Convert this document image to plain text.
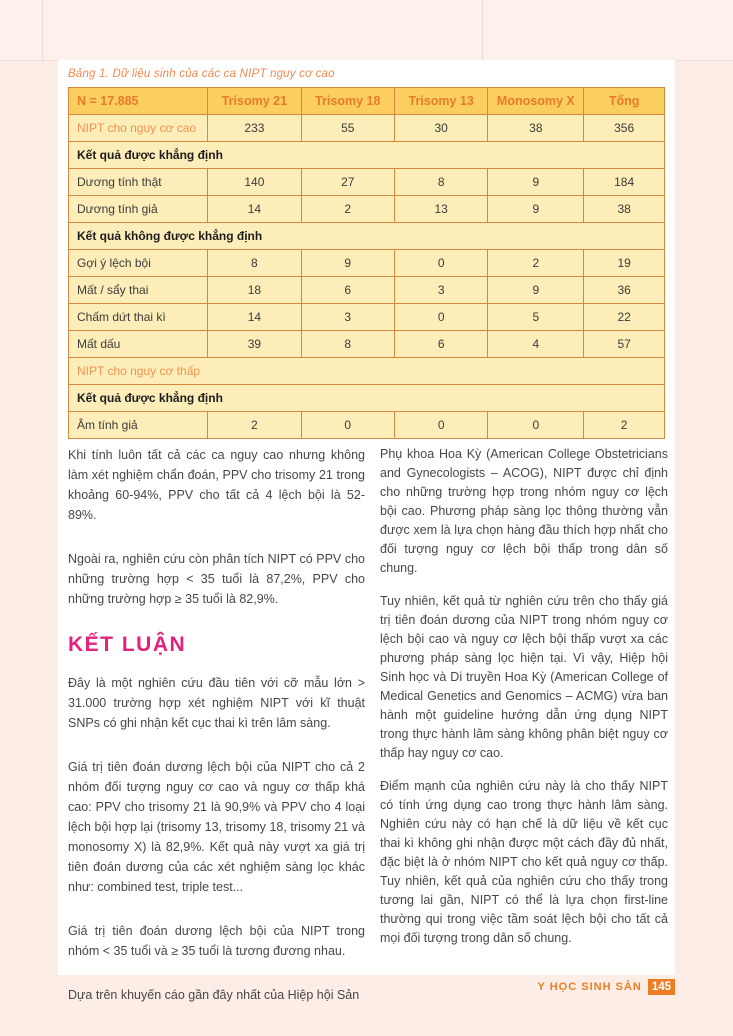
Bảng 1. Dữ liệu sinh của các ca NIPT nguy cơ cao
N = 17.885	Trisomy 21	Trisomy 18	Trisomy 13	Monosomy X	Tổng
NIPT cho nguy cơ cao	233	55	30	38	356
Kết quả được khẳng định					
Dương tính thật	140	27	8	9	184
Dương tính giả	14	2	13	9	38
Kết quả không được khẳng định					
Gợi ý lệch bội	8	9	0	2	19
Mất / sẩy thai	18	6	3	9	36
Chấm dứt thai kì	14	3	0	5	22
Mất dấu	39	8	6	4	57
NIPT cho nguy cơ thấp					
Kết quả được khẳng định					
Âm tính giả	2	0	0	0	2

Khi tính luôn tất cả các ca nguy cao nhưng không làm xét nghiệm chẩn đoán, PPV cho trisomy 21 trong khoảng 60-94%, PPV cho tất cả 4 lệch bội là 52-89%.

Ngoài ra, nghiên cứu còn phân tích NIPT có PPV cho những trường hợp < 35 tuổi là 87,2%, PPV cho những trường hợp ≥ 35 tuổi là 82,9%.

KẾT LUẬN

Đây là một nghiên cứu đầu tiên với cỡ mẫu lớn > 31.000 trường hợp xét nghiệm NIPT với kĩ thuật SNPs có ghi nhận kết cục thai kì trên lâm sàng.

Giá trị tiên đoán dương lệch bội của NIPT cho cả 2 nhóm đối tượng nguy cơ cao và nguy cơ thấp khá cao: PPV cho trisomy 21 là 90,9% và PPV cho 4 loại lệch bội hợp lại (trisomy 13, trisomy 18, trisomy 21 và monosomy X) là 82,9%. Kết quả này vượt xa giá trị tiên đoán dương của các xét nghiệm sàng lọc khác như: combined test, triple test...

Giá trị tiên đoán dương lệch bội của NIPT trong nhóm < 35 tuổi và ≥ 35 tuổi là tương đương nhau.

Dựa trên khuyến cáo gần đây nhất của Hiệp hội Sản

Phụ khoa Hoa Kỳ (American College Obstetricians and Gynecologists – ACOG), NIPT được chỉ định cho những trường hợp trong nhóm nguy cơ lệch bội cao. Phương pháp sàng lọc thông thường vẫn được xem là lựa chọn hàng đầu thích hợp nhất cho đối tượng nguy cơ lệch bội thấp trong dân số chung.

Tuy nhiên, kết quả từ nghiên cứu trên cho thấy giá trị tiên đoán dương của NIPT trong nhóm nguy cơ lệch bội cao và nguy cơ lệch bội thấp vượt xa các phương pháp sàng lọc hiện tại. Vì vậy, Hiệp hội Sinh học và Di truyền Hoa Kỳ (American College of Medical Genetics and Genomics – ACMG) vừa ban hành một guideline hướng dẫn ứng dụng NIPT trong thực hành lâm sàng không phân biệt nguy cơ thấp hay nguy cơ cao.

Điểm mạnh của nghiên cứu này là cho thấy NIPT có tính ứng dụng cao trong thực hành lâm sàng. Nghiên cứu này có hạn chế là dữ liệu về kết cục thai kì không ghi nhận được một cách đầy đủ nhất, đặc biệt là ở nhóm NIPT cho kết quả nguy cơ thấp. Tuy nhiên, kết quả của nghiên cứu cho thấy trong tương lai gần, NIPT có thể là lựa chọn first-line thường qui trong việc tầm soát lệch bội cho tất cả mọi đối tượng trong dân số chung.

Y HỌC SINH SẢN 145
